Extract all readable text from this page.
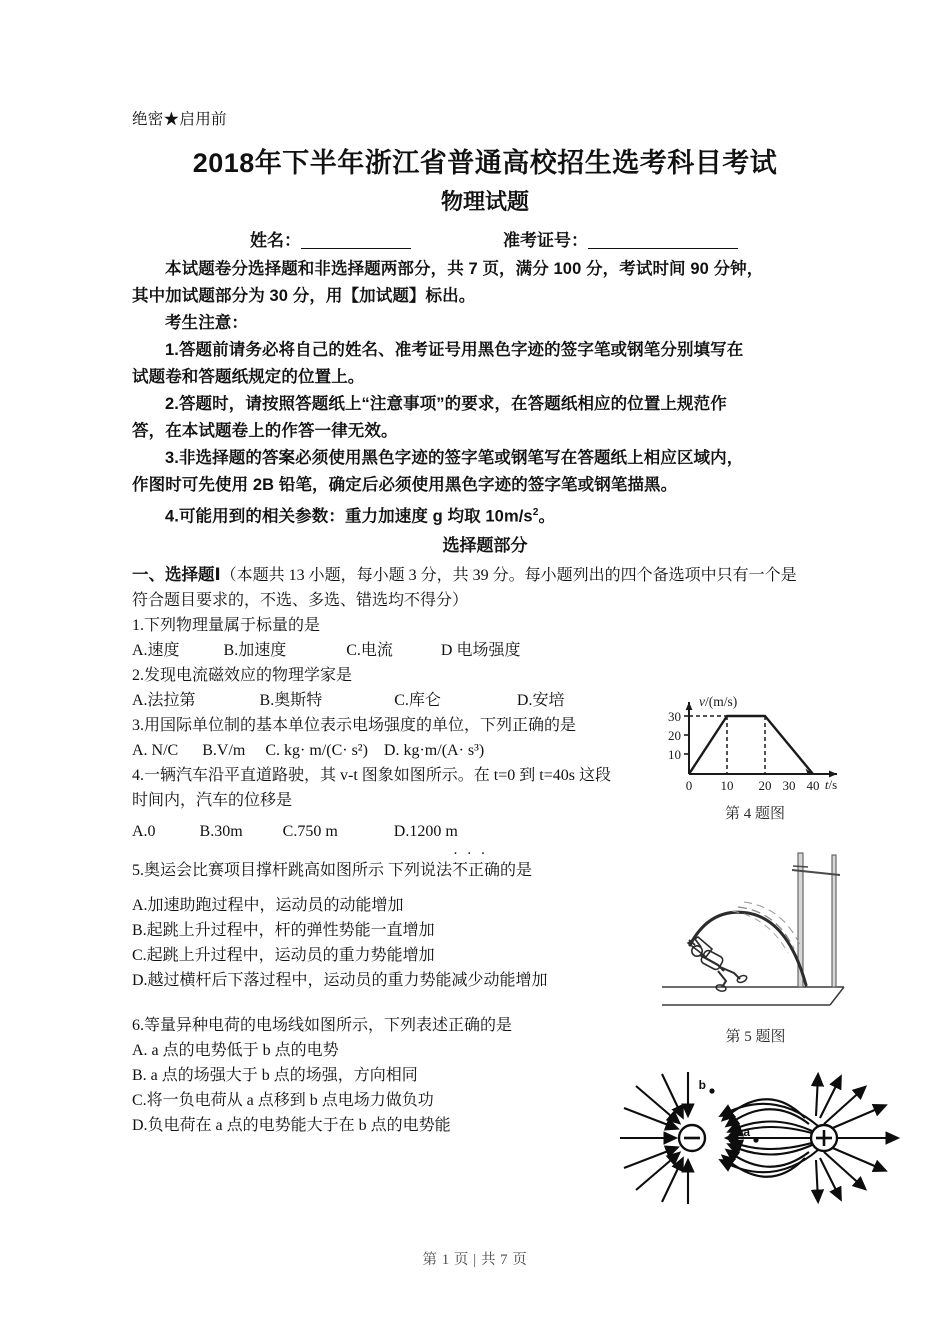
绝密★启用前
2018年下半年浙江省普通高校招生选考科目考试
物理试题
姓名：	准考证号：

本试题卷分选择题和非选择题两部分，共 7 页，满分 100 分，考试时间 90 分钟，

其中加试题部分为 30 分，用【加试题】标出。

考生注意：

1.答题前请务必将自己的姓名、准考证号用黑色字迹的签字笔或钢笔分别填写在

试题卷和答题纸规定的位置上。

2.答题时，请按照答题纸上“注意事项”的要求，在答题纸相应的位置上规范作

答，在本试题卷上的作答一律无效。

3.非选择题的答案必须使用黑色字迹的签字笔或钢笔写在答题纸上相应区域内，

作图时可先使用 2B 铅笔，确定后必须使用黑色字迹的签字笔或钢笔描黑。

4.可能用到的相关参数：重力加速度 g 均取 $10m/s^2$。

选择题部分

一、选择题Ⅰ（本题共 13 小题，每小题 3 分，共 39 分。每小题列出的四个备选项中只有一个是

符合题目要求的，不选、多选、错选均不得分）

1.下列物理量属于标量的是

A.速度           B.加速度               C.电流            D 电场强度

2.发现电流磁效应的物理学家是

A.法拉第                B.奥斯特                  C.库仑                   D.安培

3.用国际单位制的基本单位表示电场强度的单位，下列正确的是

A. N/C      B.V/m     C. kg· m/(C· s²)    D. kg·m/(A· s³)

4.一辆汽车沿平直道路驶，其 v-t 图象如图所示。在 t=0 到 t=40s 这段

时间内，汽车的位移是

A.0           B.30m          C.750 m              D.1200 m

5.奥运会比赛项目撑杆跳高如图所示 下列说法不正确 · · 的是

A.加速助跑过程中，运动员的动能增加

B.起跳上升过程中，杆的弹性势能一直增加

C.起跳上升过程中，运动员的重力势能增加

D.越过横杆后下落过程中，运动员的重力势能减少动能增加

6.等量异种电荷的电场线如图所示，下列表述正确的是

A. a 点的电势低于 b 点的电势

B. a 点的场强大于 b 点的场强，方向相同

C.将一负电荷从 a 点移到 b 点电场力做负功

D.负电荷在 a 点的电势能大于在 b 点的电势能

30
20
10
0 10 20 30 40
v/(m/s)
t/s
第 4 题图
第 5 题图
a
b
第 1 页 | 共 7 页
